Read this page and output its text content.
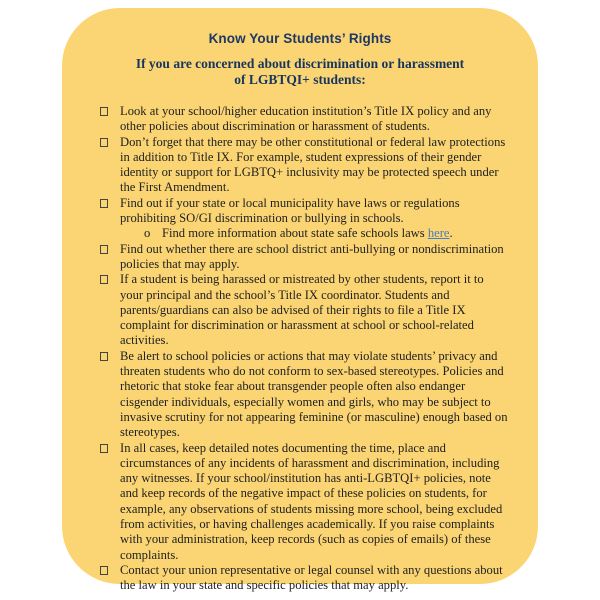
Know Your Students’ Rights
If you are concerned about discrimination or harassment
of LGBTQI+ students:
Look at your school/higher education institution’s Title IX policy and any other policies about discrimination or harassment of students.
Don’t forget that there may be other constitutional or federal law protections in addition to Title IX. For example, student expressions of their gender identity or support for LGBTQ+ inclusivity may be protected speech under the First Amendment.
Find out if your state or local municipality have laws or regulations prohibiting SO/GI discrimination or bullying in schools.
o Find more information about state safe schools laws here.
Find out whether there are school district anti-bullying or nondiscrimination policies that may apply.
If a student is being harassed or mistreated by other students, report it to your principal and the school’s Title IX coordinator. Students and parents/guardians can also be advised of their rights to file a Title IX complaint for discrimination or harassment at school or school-related activities.
Be alert to school policies or actions that may violate students’ privacy and threaten students who do not conform to sex-based stereotypes. Policies and rhetoric that stoke fear about transgender people often also endanger cisgender individuals, especially women and girls, who may be subject to invasive scrutiny for not appearing feminine (or masculine) enough based on stereotypes.
In all cases, keep detailed notes documenting the time, place and circumstances of any incidents of harassment and discrimination, including any witnesses. If your school/institution has anti-LGBTQI+ policies, note and keep records of the negative impact of these policies on students, for example, any observations of students missing more school, being excluded from activities, or having challenges academically. If you raise complaints with your administration, keep records (such as copies of emails) of these complaints.
Contact your union representative or legal counsel with any questions about the law in your state and specific policies that may apply.
